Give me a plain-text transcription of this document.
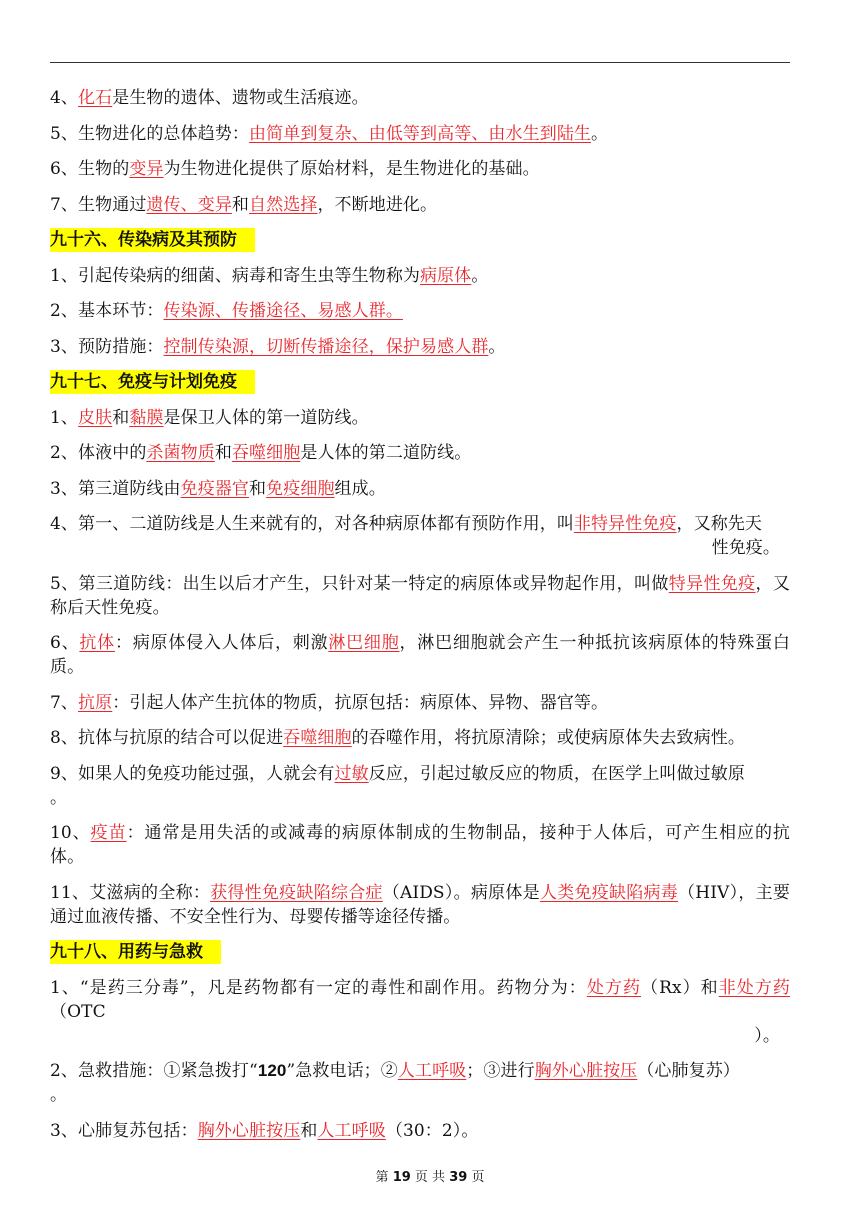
4、化石是生物的遗体、遗物或生活痕迹。
5、生物进化的总体趋势：由简单到复杂、由低等到高等、由水生到陆生。
6、生物的变异为生物进化提供了原始材料，是生物进化的基础。
7、生物通过遗传、变异和自然选择，不断地进化。
九十六、传染病及其预防
1、引起传染病的细菌、病毒和寄生虫等生物称为病原体。
2、基本环节：传染源、传播途径、易感人群。
3、预防措施：控制传染源，切断传播途径，保护易感人群。
九十七、免疫与计划免疫
1、皮肤和黏膜是保卫人体的第一道防线。
2、体液中的杀菌物质和吞噬细胞是人体的第二道防线。
3、第三道防线由免疫器官和免疫细胞组成。
4、第一、二道防线是人生来就有的，对各种病原体都有预防作用，叫非特异性免疫，又称先天
性免疫。
5、第三道防线：出生以后才产生，只针对某一特定的病原体或异物起作用，叫做特异性免疫，又称后天性免疫。
6、抗体：病原体侵入人体后，刺激淋巴细胞，淋巴细胞就会产生一种抵抗该病原体的特殊蛋白质。
7、抗原：引起人体产生抗体的物质，抗原包括：病原体、异物、器官等。
8、抗体与抗原的结合可以促进吞噬细胞的吞噬作用，将抗原清除；或使病原体失去致病性。
9、如果人的免疫功能过强，人就会有过敏反应，引起过敏反应的物质，在医学上叫做过敏原
。
10、疫苗：通常是用失活的或减毒的病原体制成的生物制品，接种于人体后，可产生相应的抗体。
11、艾滋病的全称：获得性免疫缺陷综合症（AIDS）。病原体是人类免疫缺陷病毒（HIV），主要通过血液传播、不安全性行为、母婴传播等途径传播。
九十八、用药与急救
1、“是药三分毒”，凡是药物都有一定的毒性和副作用。药物分为：处方药（Rx）和非处方药（OTC
）。
2、急救措施：①紧急拨打“120”急救电话；②人工呼吸；③进行胸外心脏按压（心肺复苏）
。
3、心肺复苏包括：胸外心脏按压和人工呼吸（30：2）。
第 19 页 共 39 页
